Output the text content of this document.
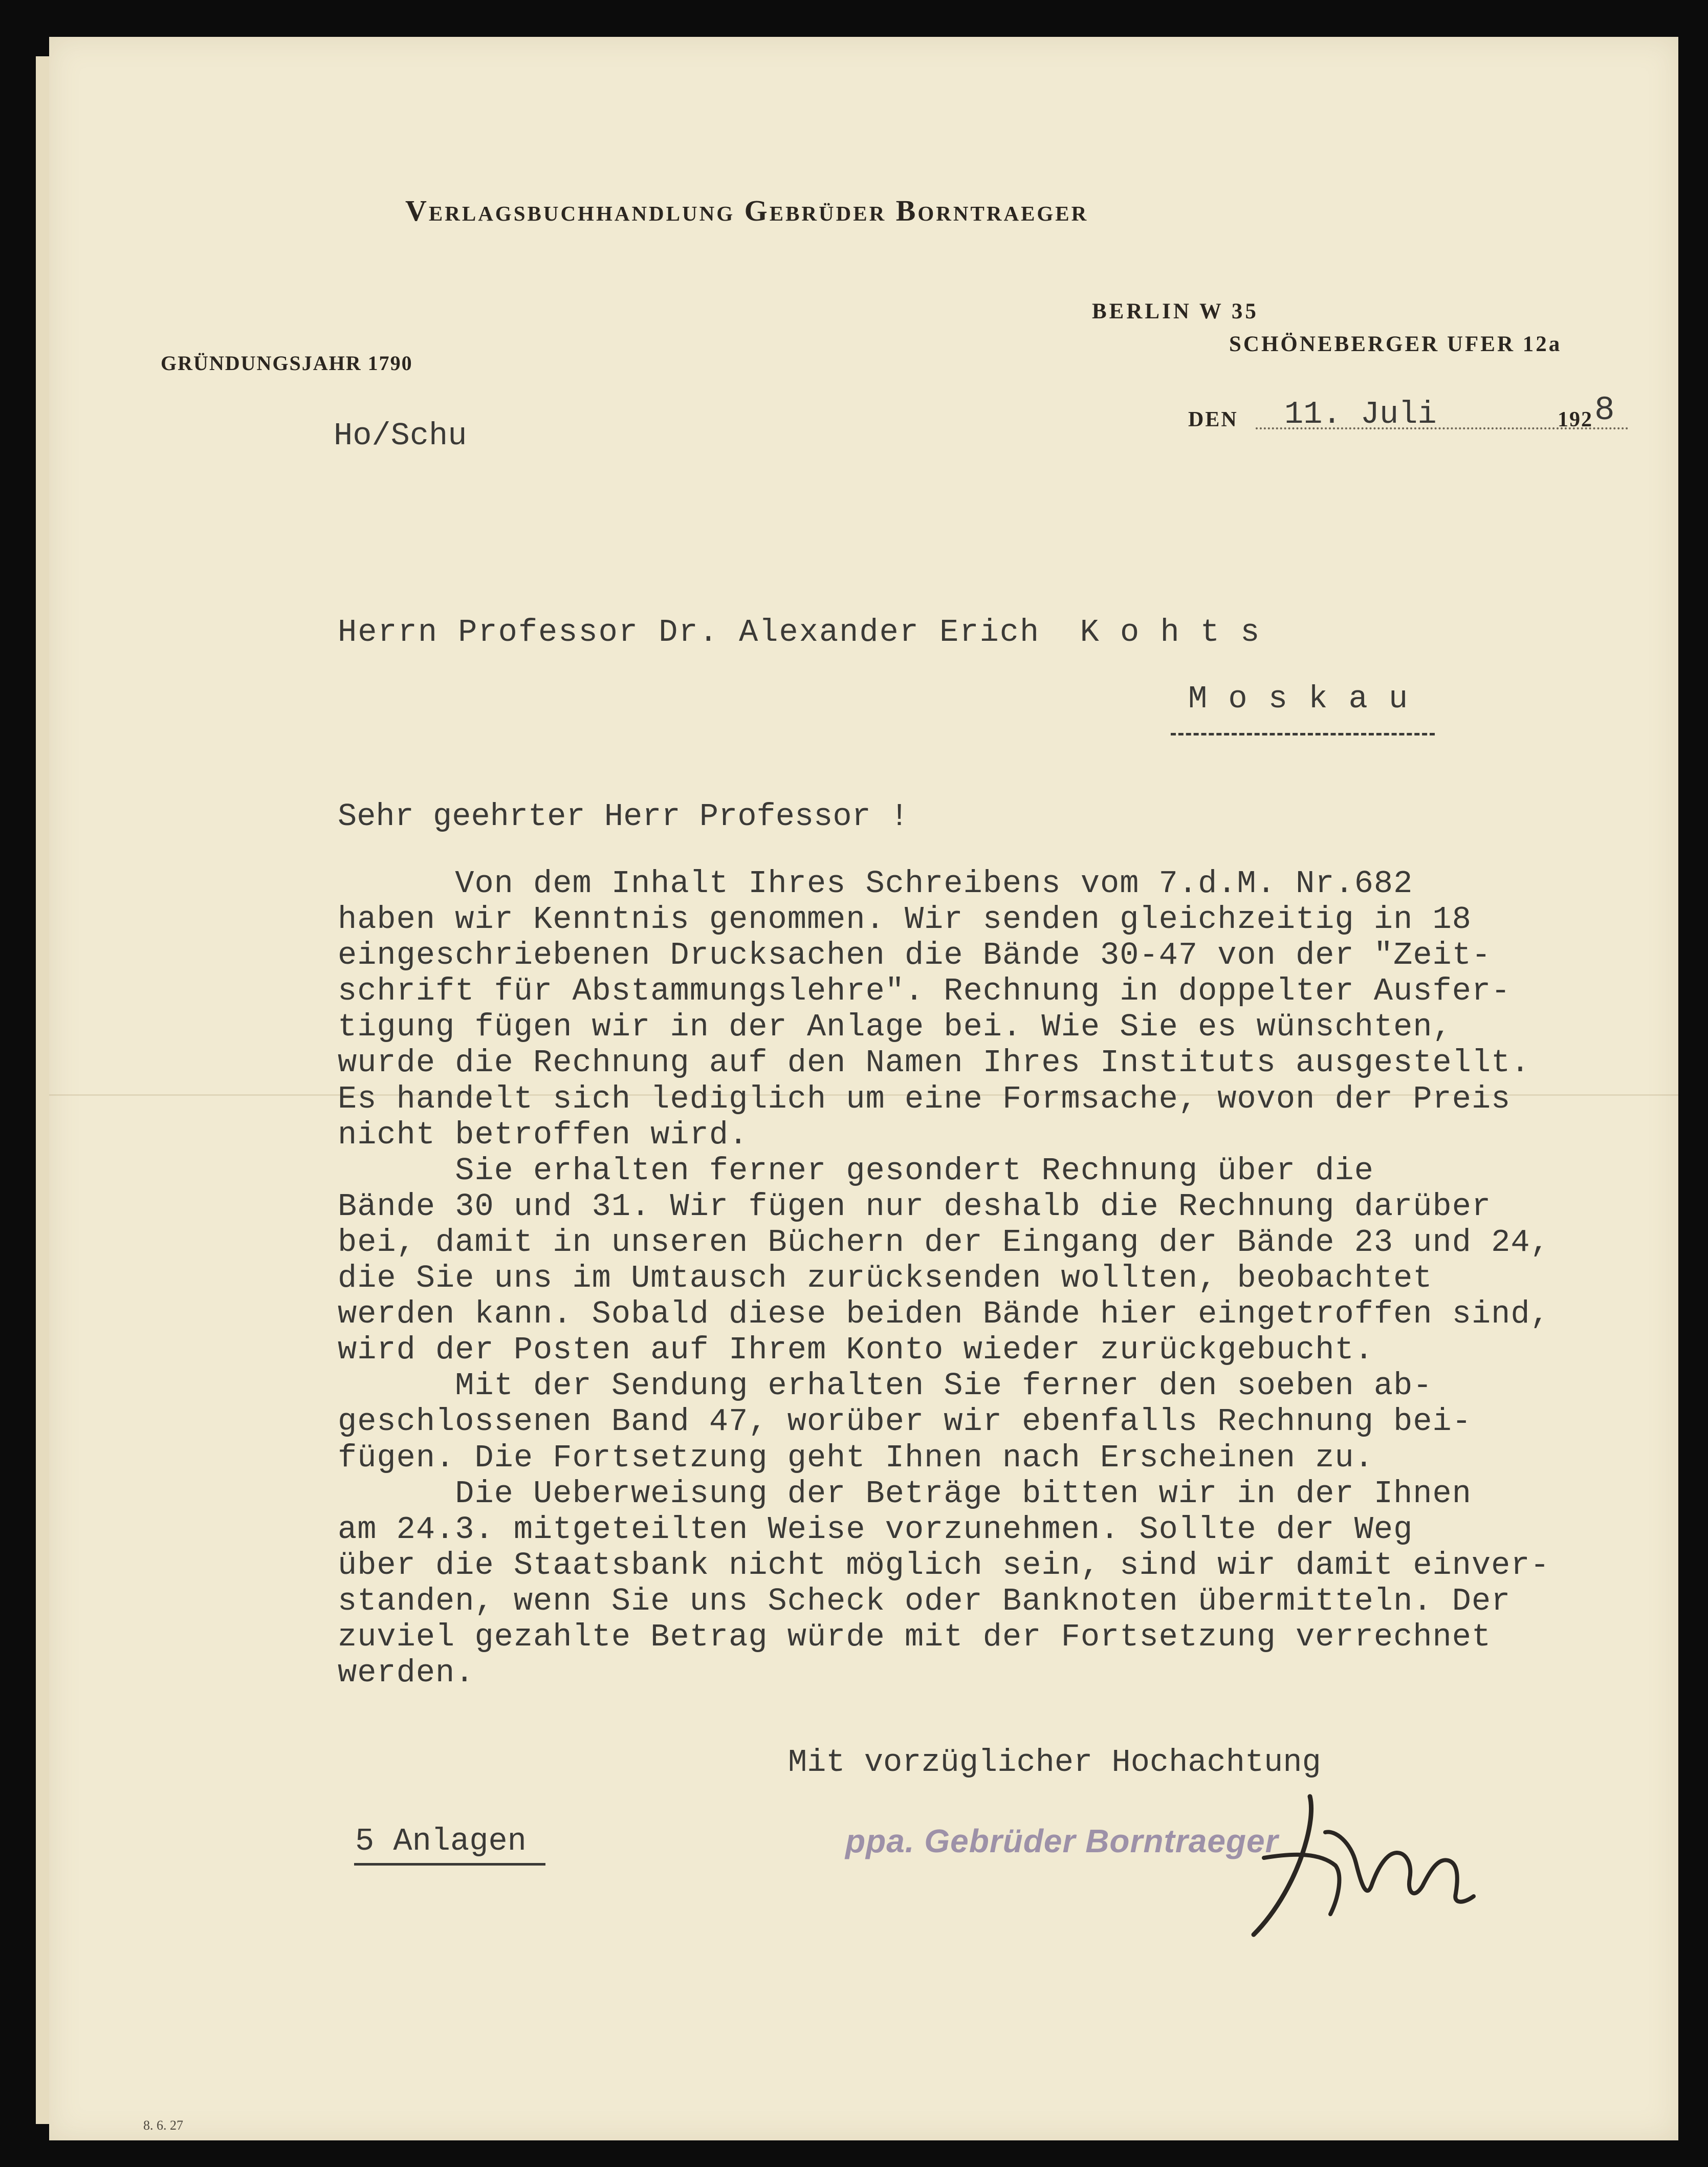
Verlagsbuchhandlung Gebrüder Borntraeger
BERLIN W 35
SCHÖNEBERGER UFER 12a
GRÜNDUNGSJAHR 1790
Ho/Schu	DEN 11. Juli	192 8
Herrn Professor Dr. Alexander Erich  K o h t s
M o s k a u
Sehr geehrter Herr Professor !
Von dem Inhalt Ihres Schreibens vom 7.d.M. Nr.682
haben wir Kenntnis genommen. Wir senden gleichzeitig in 18
eingeschriebenen Drucksachen die Bände 30-47 von der "Zeit-
schrift für Abstammungslehre". Rechnung in doppelter Ausfer-
tigung fügen wir in der Anlage bei. Wie Sie es wünschten,
wurde die Rechnung auf den Namen Ihres Instituts ausgestellt.
Es handelt sich lediglich um eine Formsache, wovon der Preis
nicht betroffen wird.
Sie erhalten ferner gesondert Rechnung über die
Bände 30 und 31. Wir fügen nur deshalb die Rechnung darüber
bei, damit in unseren Büchern der Eingang der Bände 23 und 24,
die Sie uns im Umtausch zurücksenden wollten, beobachtet
werden kann. Sobald diese beiden Bände hier eingetroffen sind,
wird der Posten auf Ihrem Konto wieder zurückgebucht.
Mit der Sendung erhalten Sie ferner den soeben ab-
geschlossenen Band 47, worüber wir ebenfalls Rechnung bei-
fügen. Die Fortsetzung geht Ihnen nach Erscheinen zu.
Die Ueberweisung der Beträge bitten wir in der Ihnen
am 24.3. mitgeteilten Weise vorzunehmen. Sollte der Weg
über die Staatsbank nicht möglich sein, sind wir damit einver-
standen, wenn Sie uns Scheck oder Banknoten übermitteln. Der
zuviel gezahlte Betrag würde mit der Fortsetzung verrechnet
werden.
Mit vorzüglicher Hochachtung
5 Anlagen	ppa. Gebrüder Borntraeger
8. 6. 27
